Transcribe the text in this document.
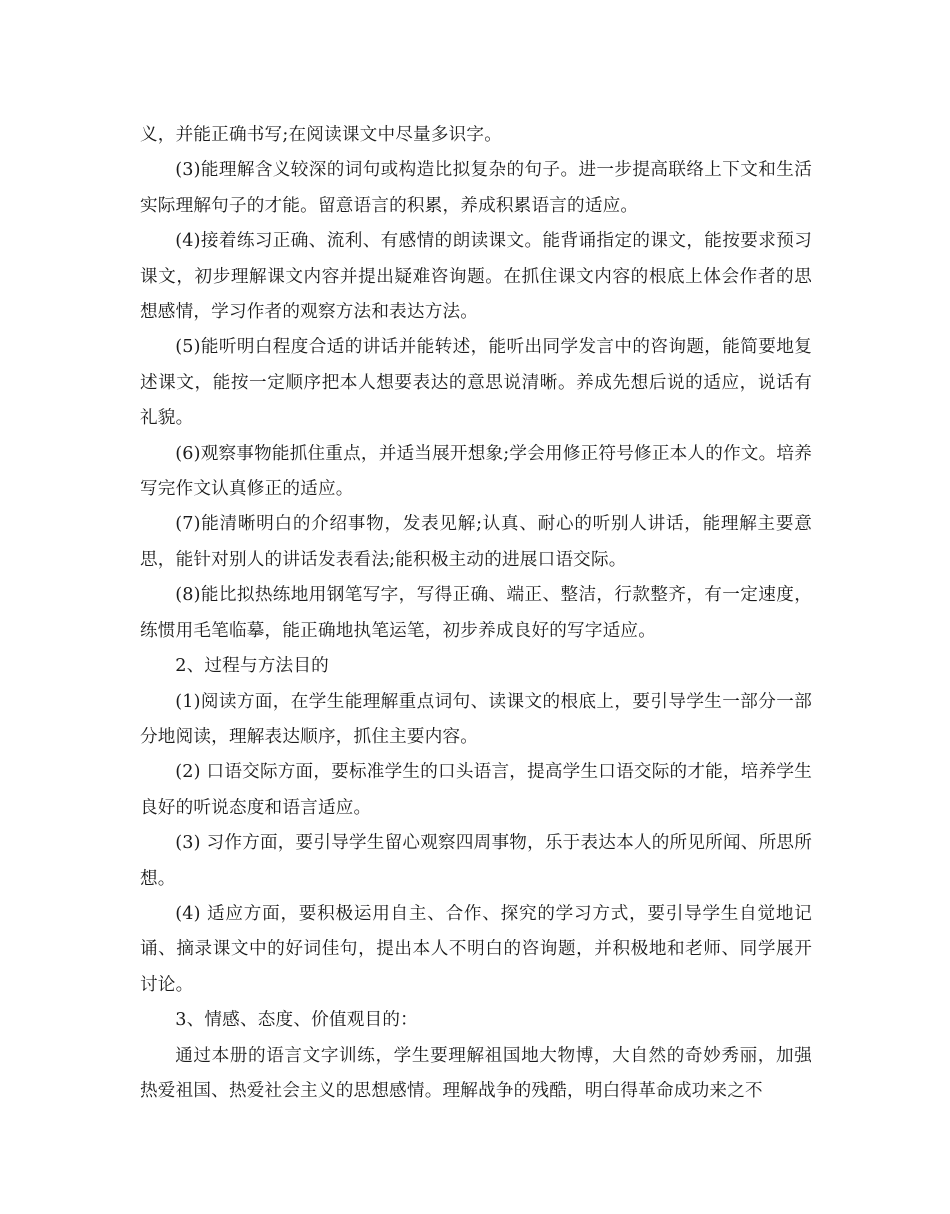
义，并能正确书写;在阅读课文中尽量多识字。

(3)能理解含义较深的词句或构造比拟复杂的句子。进一步提高联络上下文和生活实际理解句子的才能。留意语言的积累，养成积累语言的适应。

(4)接着练习正确、流利、有感情的朗读课文。能背诵指定的课文，能按要求预习课文，初步理解课文内容并提出疑难咨询题。在抓住课文内容的根底上体会作者的思想感情，学习作者的观察方法和表达方法。

(5)能听明白程度合适的讲话并能转述，能听出同学发言中的咨询题，能简要地复述课文，能按一定顺序把本人想要表达的意思说清晰。养成先想后说的适应，说话有礼貌。

(6)观察事物能抓住重点，并适当展开想象;学会用修正符号修正本人的作文。培养写完作文认真修正的适应。

(7)能清晰明白的介绍事物，发表见解;认真、耐心的听别人讲话，能理解主要意思，能针对别人的讲话发表看法;能积极主动的进展口语交际。

(8)能比拟热练地用钢笔写字，写得正确、端正、整洁，行款整齐，有一定速度，练惯用毛笔临摹，能正确地执笔运笔，初步养成良好的写字适应。

2、过程与方法目的

(1)阅读方面，在学生能理解重点词句、读课文的根底上，要引导学生一部分一部分地阅读，理解表达顺序，抓住主要内容。

(2) 口语交际方面，要标准学生的口头语言，提高学生口语交际的才能，培养学生良好的听说态度和语言适应。

(3) 习作方面，要引导学生留心观察四周事物，乐于表达本人的所见所闻、所思所想。

(4) 适应方面，要积极运用自主、合作、探究的学习方式，要引导学生自觉地记诵、摘录课文中的好词佳句，提出本人不明白的咨询题，并积极地和老师、同学展开讨论。

3、情感、态度、价值观目的：

通过本册的语言文字训练，学生要理解祖国地大物博，大自然的奇妙秀丽，加强热爱祖国、热爱社会主义的思想感情。理解战争的残酷，明白得革命成功来之不
